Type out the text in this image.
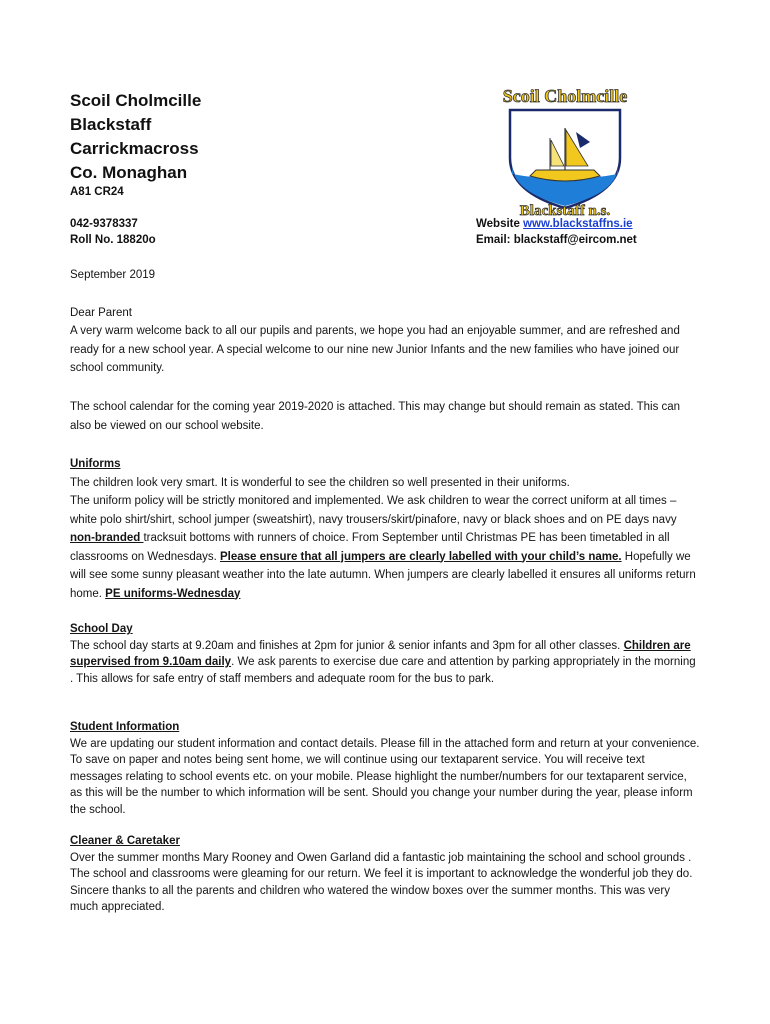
Scoil Cholmcille
Blackstaff
Carrickmacross
Co. Monaghan
A81 CR24
042-9378337
Roll No. 18820o
Scoil Cholmcille
Blackstaff n.s.
Website www.blackstaffns.ie
Email: blackstaff@eircom.net
September 2019
Dear Parent
A very warm welcome back to all our pupils and parents, we hope you had an enjoyable summer, and are refreshed and ready for a new school year. A special welcome to our nine new Junior Infants and the new families who have joined our school community.
The school calendar for the coming year 2019-2020 is attached. This may change but should remain as stated. This can also be viewed on our school website.

Uniforms

The children look very smart. It is wonderful to see the children so well presented in their uniforms.

The uniform policy will be strictly monitored and implemented. We ask children to wear the correct uniform at all times –white polo shirt/shirt, school jumper (sweatshirt), navy trousers/skirt/pinafore, navy or black shoes and on PE days navy non-branded tracksuit bottoms with runners of choice. From September until Christmas PE has been timetabled in all classrooms on Wednesdays. Please ensure that all jumpers are clearly labelled with your child’s name. Hopefully we will see some sunny pleasant weather into the late autumn. When jumpers are clearly labelled it ensures all uniforms return home. PE uniforms-Wednesday

School Day

The school day starts at 9.20am and finishes at 2pm for junior & senior infants and 3pm for all other classes. Children are supervised from 9.10am daily. We ask parents to exercise due care and attention by parking appropriately in the morning . This allows for safe entry of staff members and adequate room for the bus to park.

Student Information

We are updating our student information and contact details. Please fill in the attached form and return at your convenience. To save on paper and notes being sent home, we will continue using our textaparent service. You will receive text messages relating to school events etc. on your mobile. Please highlight the number/numbers for our textaparent service, as this will be the number to which information will be sent. Should you change your number during the year, please inform the school.

Cleaner & Caretaker

Over the summer months Mary Rooney and Owen Garland did a fantastic job maintaining the school and school grounds . The school and classrooms were gleaming for our return. We feel it is important to acknowledge the wonderful job they do. Sincere thanks to all the parents and children who watered the window boxes over the summer months. This was very much appreciated.
